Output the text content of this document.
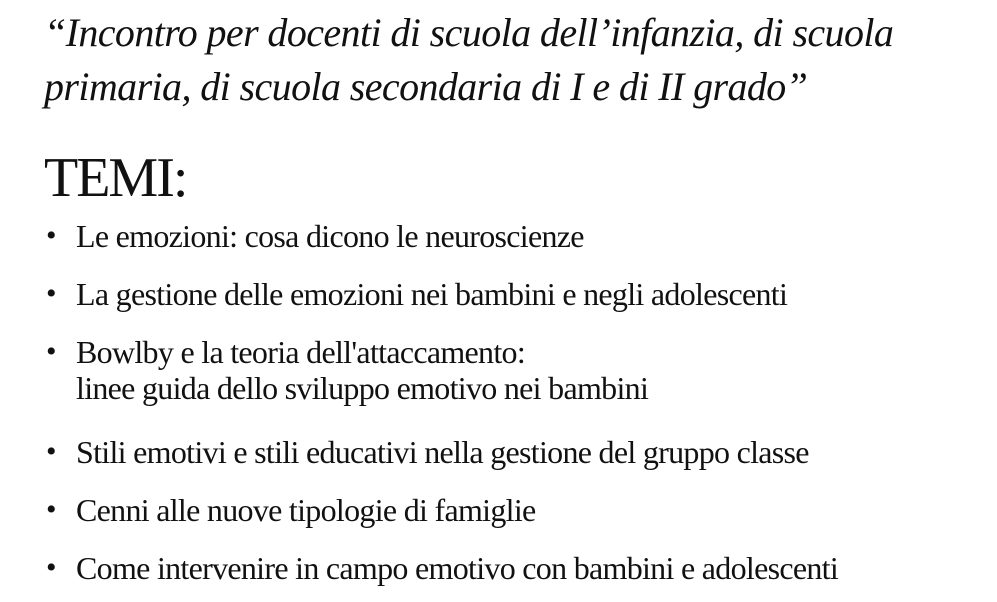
“Incontro per docenti di scuola dell’infanzia, di scuola
primaria, di scuola secondaria di I e di II grado”
TEMI:
• Le emozioni: cosa dicono le neuroscienze
• La gestione delle emozioni nei bambini e negli adolescenti
• Bowlby e la teoria dell'attaccamento:
linee guida dello sviluppo emotivo nei bambini
• Stili emotivi e stili educativi nella gestione del gruppo classe
• Cenni alle nuove tipologie di famiglie
• Come intervenire in campo emotivo con bambini e adolescenti
